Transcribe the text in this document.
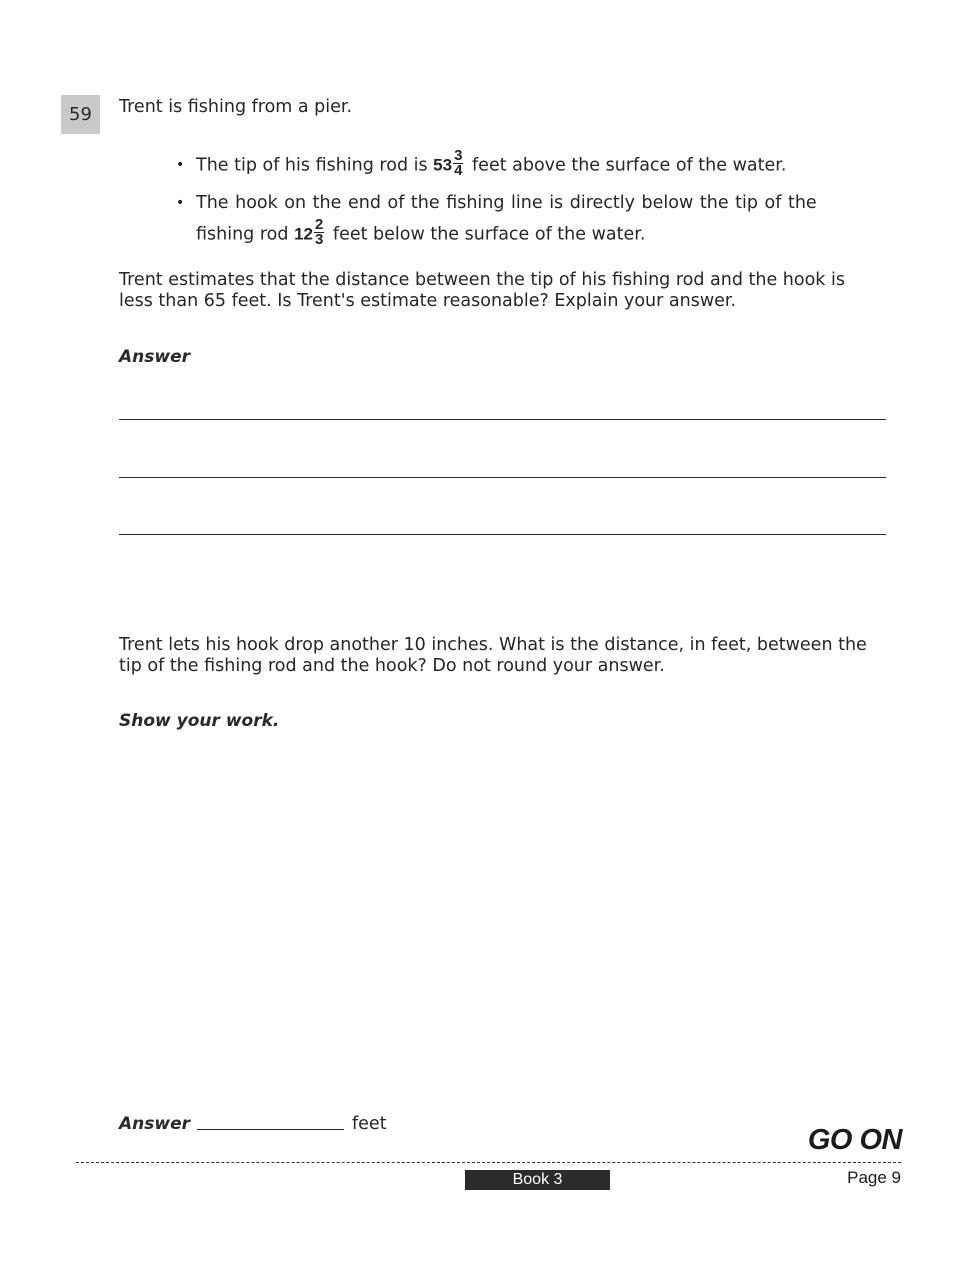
59	Trent is fishing from a pier.
• The tip of his fishing rod is $53 \frac{3}{4}$ feet above the surface of the water.
• The hook on the end of the fishing line is directly below the tip of the
fishing rod $12 \frac{2}{3}$ feet below the surface of the water.
Trent estimates that the distance between the tip of his fishing rod and the hook is
less than 65 feet. Is Trent's estimate reasonable? Explain your answer.
Answer
Trent lets his hook drop another 10 inches. What is the distance, in feet, between the
tip of the fishing rod and the hook? Do not round your answer.
Show your work.
Answer	feet	GO ON
Book 3	Page 9
